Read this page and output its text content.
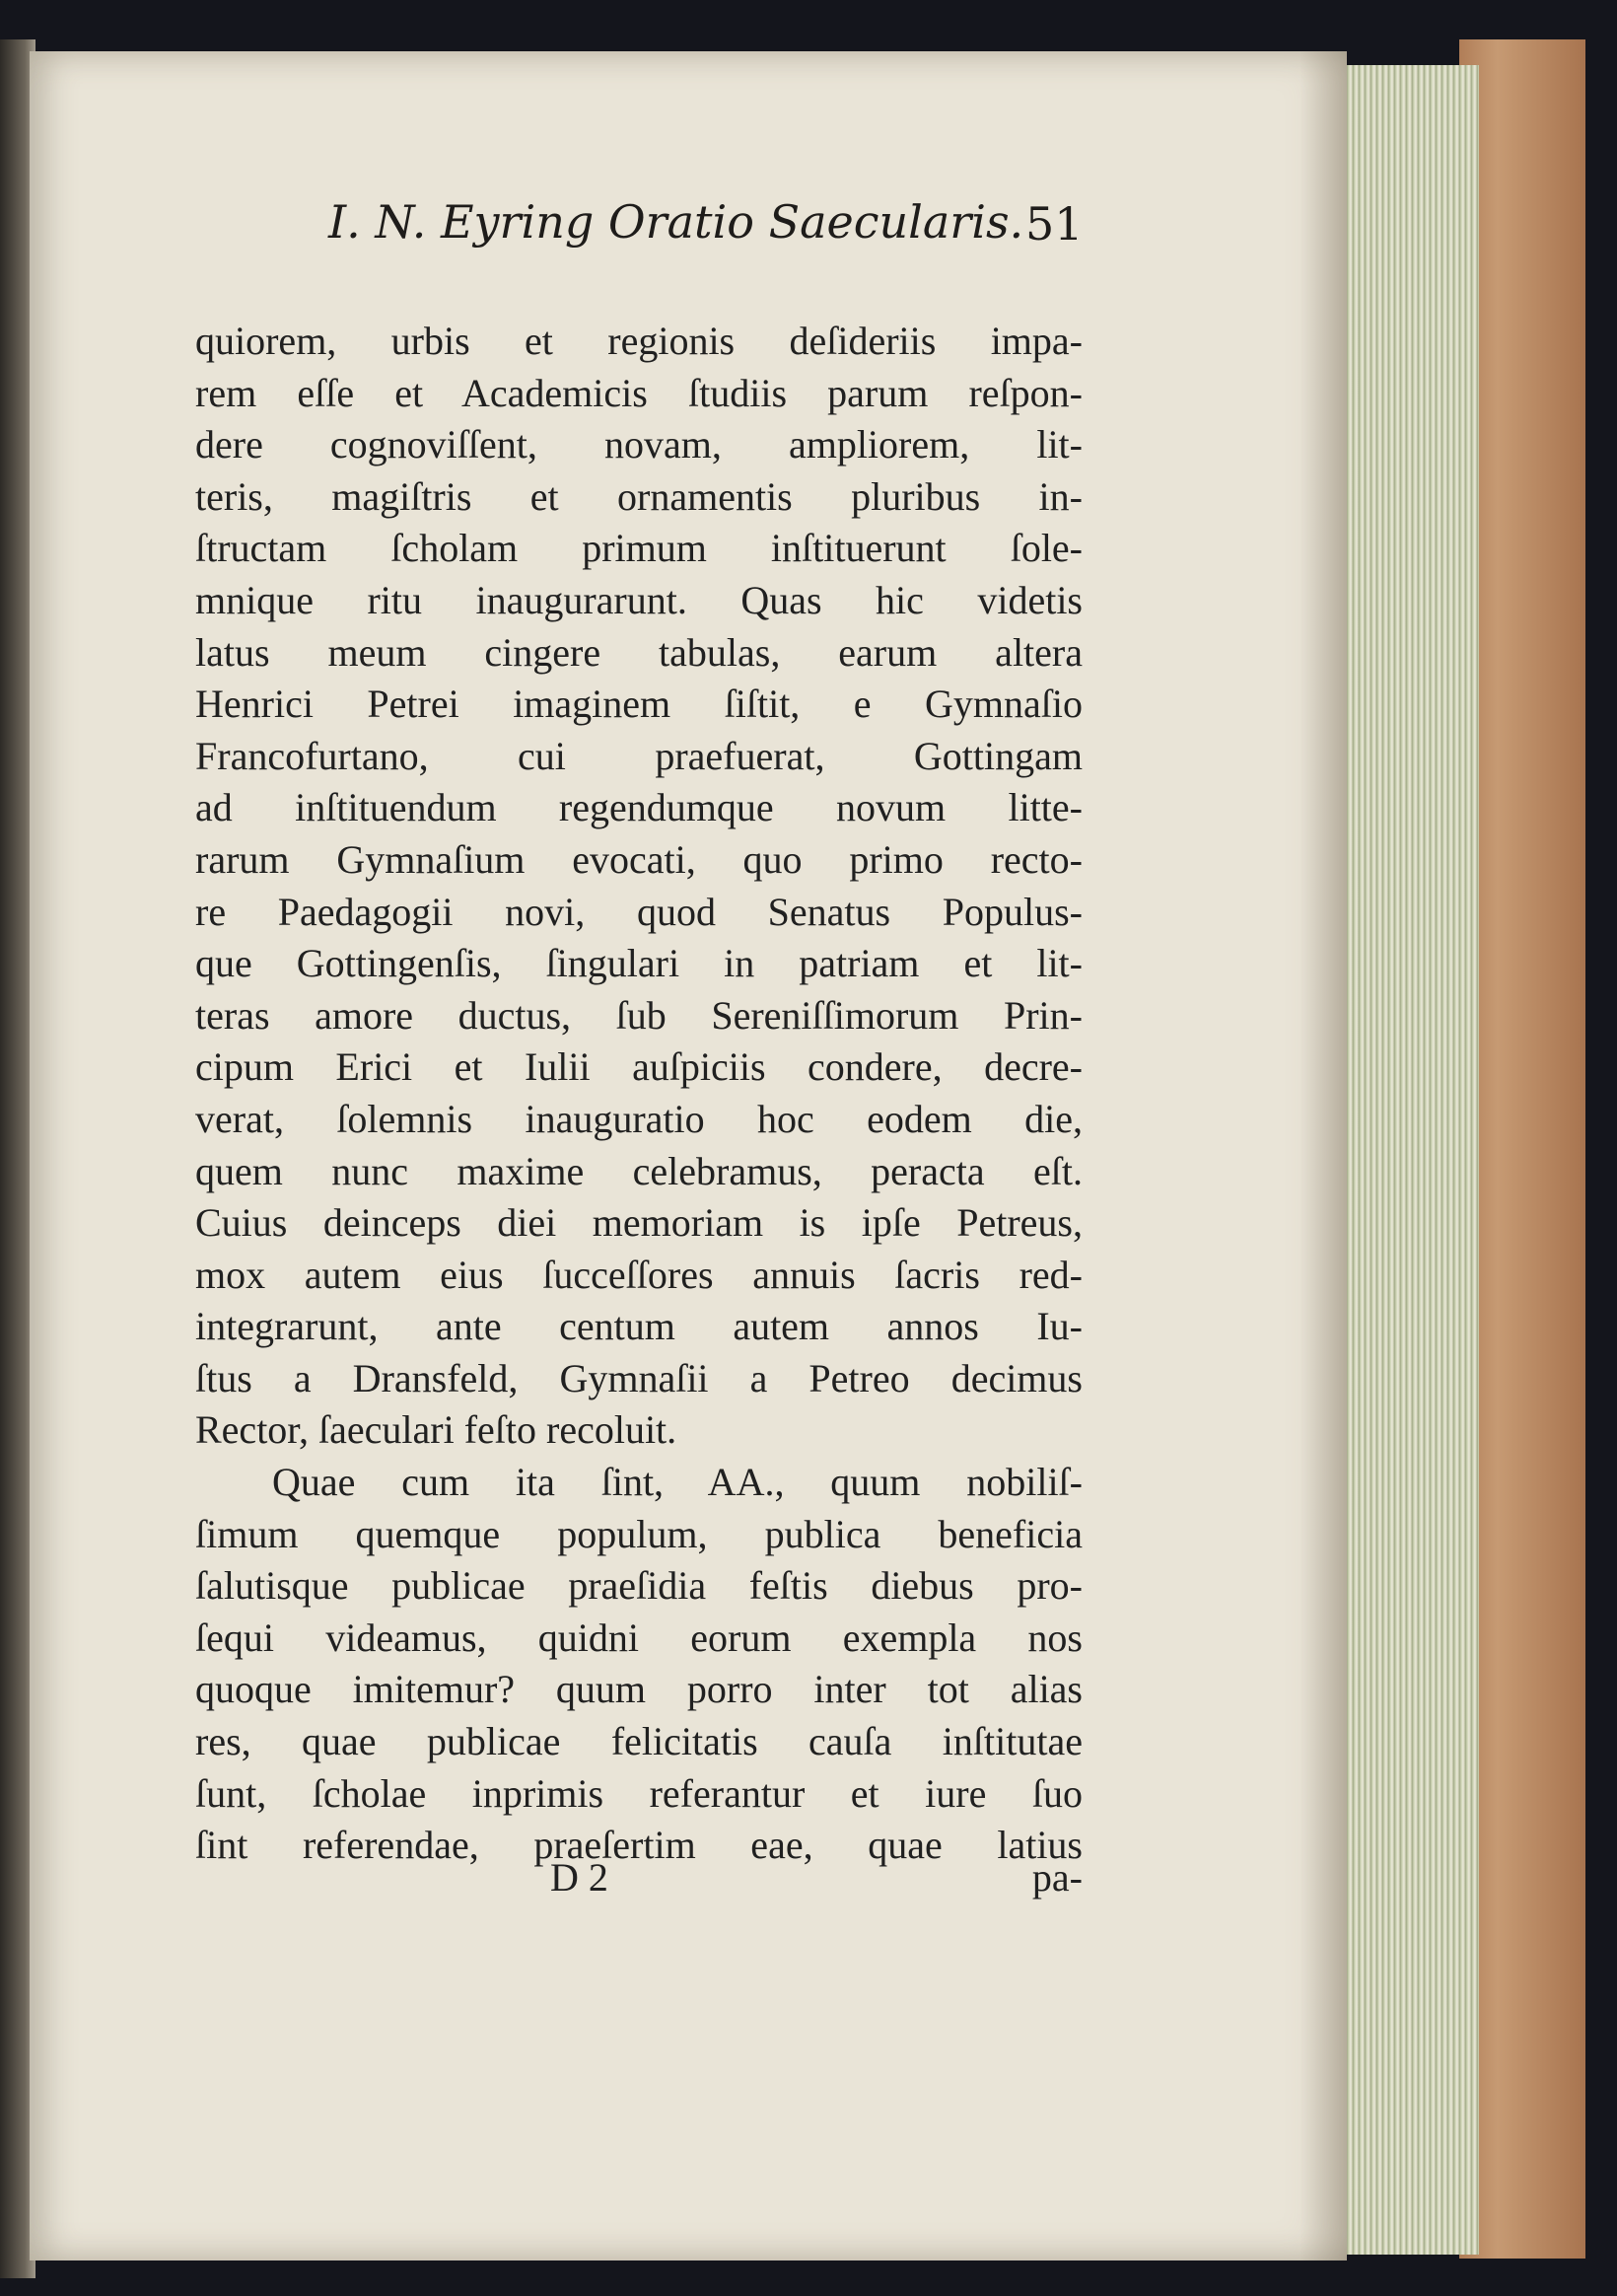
I. N. Eyring Oratio Saecularis. 51
quiorem, urbis et regionis deſideriis impa-
rem eſſe et Academicis ſtudiis parum reſpon-
dere cognoviſſent, novam, ampliorem, lit-
teris, magiſtris et ornamentis pluribus in-
ſtructam ſcholam primum inſtituerunt ſole-
mnique ritu inaugurarunt. Quas hic videtis
latus meum cingere tabulas, earum altera
Henrici Petrei imaginem ſiſtit, e Gymnaſio
Francofurtano, cui praefuerat, Gottingam
ad inſtituendum regendumque novum litte-
rarum Gymnaſium evocati, quo primo recto-
re Paedagogii novi, quod Senatus Populus-
que Gottingenſis, ſingulari in patriam et lit-
teras amore ductus, ſub Sereniſſimorum Prin-
cipum Erici et Iulii auſpiciis condere, decre-
verat, ſolemnis inauguratio hoc eodem die,
quem nunc maxime celebramus, peracta eſt.
Cuius deinceps diei memoriam is ipſe Petreus,
mox autem eius ſucceſſores annuis ſacris red-
integrarunt, ante centum autem annos Iu-
ſtus a Dransfeld, Gymnaſii a Petreo decimus
Rector, ſaeculari feſto recoluit.
Quae cum ita ſint, AA., quum nobiliſ-
ſimum quemque populum, publica beneficia
ſalutisque publicae praeſidia feſtis diebus pro-
ſequi videamus, quidni eorum exempla nos
quoque imitemur? quum porro inter tot alias
res, quae publicae felicitatis cauſa inſtitutae
ſunt, ſcholae inprimis referantur et iure ſuo
ſint referendae, praeſertim eae, quae latius
D 2	pa-
